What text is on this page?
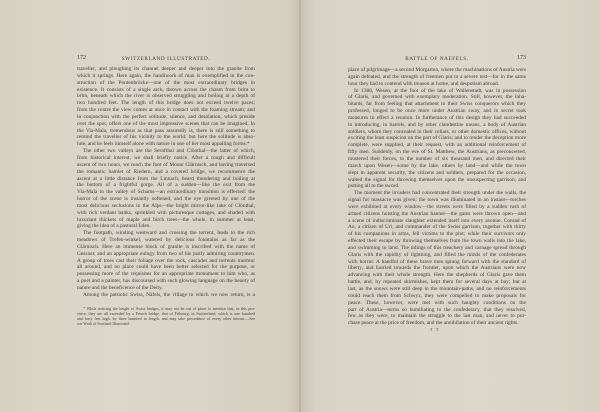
172	SWITZERLAND ILLUSTRATED.
traveller, and ploughing its channel deeper and deeper into the granite from
which it springs. Here again, the handiwork of man is exemplified in the con-
struction of the Pontenbrücke—one of the most extraordinary bridges in
existence. It consists of a single arch, thrown across the chasm from brim to
brim, beneath which the river is observed struggling and boiling at a depth of
two hundred feet. The length of this bridge does not exceed twelve paces;
from the centre the view comes at once in contact with the foaming stream; and
in conjunction with the perfect solitude, silence, and desolation, which preside
over the spot, offers one of the most impressive scenes that can be imagined. In
the Via-Mala, tremendous as that pass assuredly is, there is still something to
remind the traveller of his vicinity to the world; but here the solitude is abso-
lute, and he feels himself alone with nature in one of her most appalling forms.*
The other two valleys are the Sernfthal and Clönthal—the latter of which,
from historical interest, we shall briefly notice. After a rough and difficult
ascent of two hours, we reach the foot of Mount Glärnisch, and having traversed
the romantic hamlet of Riedern, and a covered bridge, we recommence the
ascent at a little distance from the Linnach, heard thundering and boiling at
the bottom of a frightful gorge. All of a sudden—like the exit from the
Via-Mala to the valley of Schams—an extraordinary transition is effected: the
horror of the scene is instantly softened, and the eye greeted by one of the
most delicious seclusions in the Alps—the bright mirror-like lake of Clönthal,
with rich verdant banks, sprinkled with picturesque cottages, and shaded with
luxuriant thickets of maple and birch trees—the whole, in summer at least,
giving the idea of a pastoral Eden.
The footpath, winding westward and crossing the torrent, leads to the rich
meadows of Trefen-winkel, watered by delicious fountains as far as the
Glärnisch. Here an immense block of granite is inscribed with the name of
Gessner, and an appropriate eulogy from two of his justly admiring countrymen.
A group of trees cast their foliage over the rock, cascades and torrents murmur
all around, and no place could have been better selected for the purpose, or
possessing more of the requisites for an appropriate monument to him who, as
a poet and a painter, has discoursed with such glowing language on the beauty of
nature and the beneficence of the Deity.
Among the patriotic Swiss, Näfels, the village to which we now return, is a
* While noticing the height of Swiss bridges, it may not be out of place to mention that, in this pro-
vince, they are all exceeded by a French bridge, that of Fribourg, in Switzerland, which is one hundred
and forty feet high, by three hundred in length, and may take precedence of every other known.—See
our Work of Scotland Illustrated.
BATTLE OF NAEFELS.	173
place of pilgrimage—a second Morgarten, where the machinations of Austria were
again defeated, and the strength of freemen put to a severe test—for in the same
hour they had to contend with treason at home, and despotism abroad.
In 1388, Wesen, at the foot of the lake of Wallenstadt, was in possession
of Glaris, and governed with exemplary moderation. Still, however, the inha-
bitants, far from feeling that attachment to their Swiss conquerors which they
professed, longed to be once more under Austrian sway, and in secret took
measures to effect a reunion. In furtherance of this design they had succeeded
in introducing, in barrels, and by other clandestine means, a body of Austrian
soldiers, whom they concealed in their cellars, or other domestic offices, without
exciting the least suspicion on the part of Glaris; and to render the deception more
complete, were supplied, at their request, with an additional reinforcement of
fifty men. Suddenly, on the eve of St. Matthew, the Austrians, as preconcerted,
mustered their forces, to the number of six thousand men, and directed their
march upon Wesen—some by the lake, others by land—and while the town
slept in apparent security, the citizens and soldiers, prepared for the occasion,
waited the signal for throwing themselves upon the unsuspecting garrison, and
putting all to the sword.
The moment the invaders had concentrated their strength under the walls, the
signal for massacre was given: the town was illuminated in an instant—torches
were exhibited at every window—the streets were filled by a sudden rush of
armed citizens hoisting the Austrian banner—the gates were thrown open—and
a scene of indiscriminate slaughter extended itself into every avenue. Conrad of
Au, a citizen of Uri, and commander of the Swiss garrison, together with thirty
of his companions in arms, fell victims to the plot; while their survivors only
effected their escape by throwing themselves from the town walls into the lake,
and swimming to land. The tidings of this treachery and carnage spread through
Glaris with the rapidity of lightning, and filled the minds of the confederates
with horror. A handful of these brave men sprang forward with the standard of
liberty, and hurried towards the frontier, upon which the Austrians were now
advancing with their whole strength. Here the shepherds of Glaris gave them
battle, and, by repeated skirmishes, kept them for several days at bay; but at
last, as the snows were still deep in the mountain-paths, and no reinforcements
could reach them from Schwyz, they were compelled to make proposals for
peace. These, however, were met with such haughty conditions on the
part of Austria—terms so humiliating to the confederacy, that they resolved,
few as they were, to maintain the struggle to the last man, and never to pur-
chase peace at the price of freedom, and the annihilation of their ancient rights.
T T
